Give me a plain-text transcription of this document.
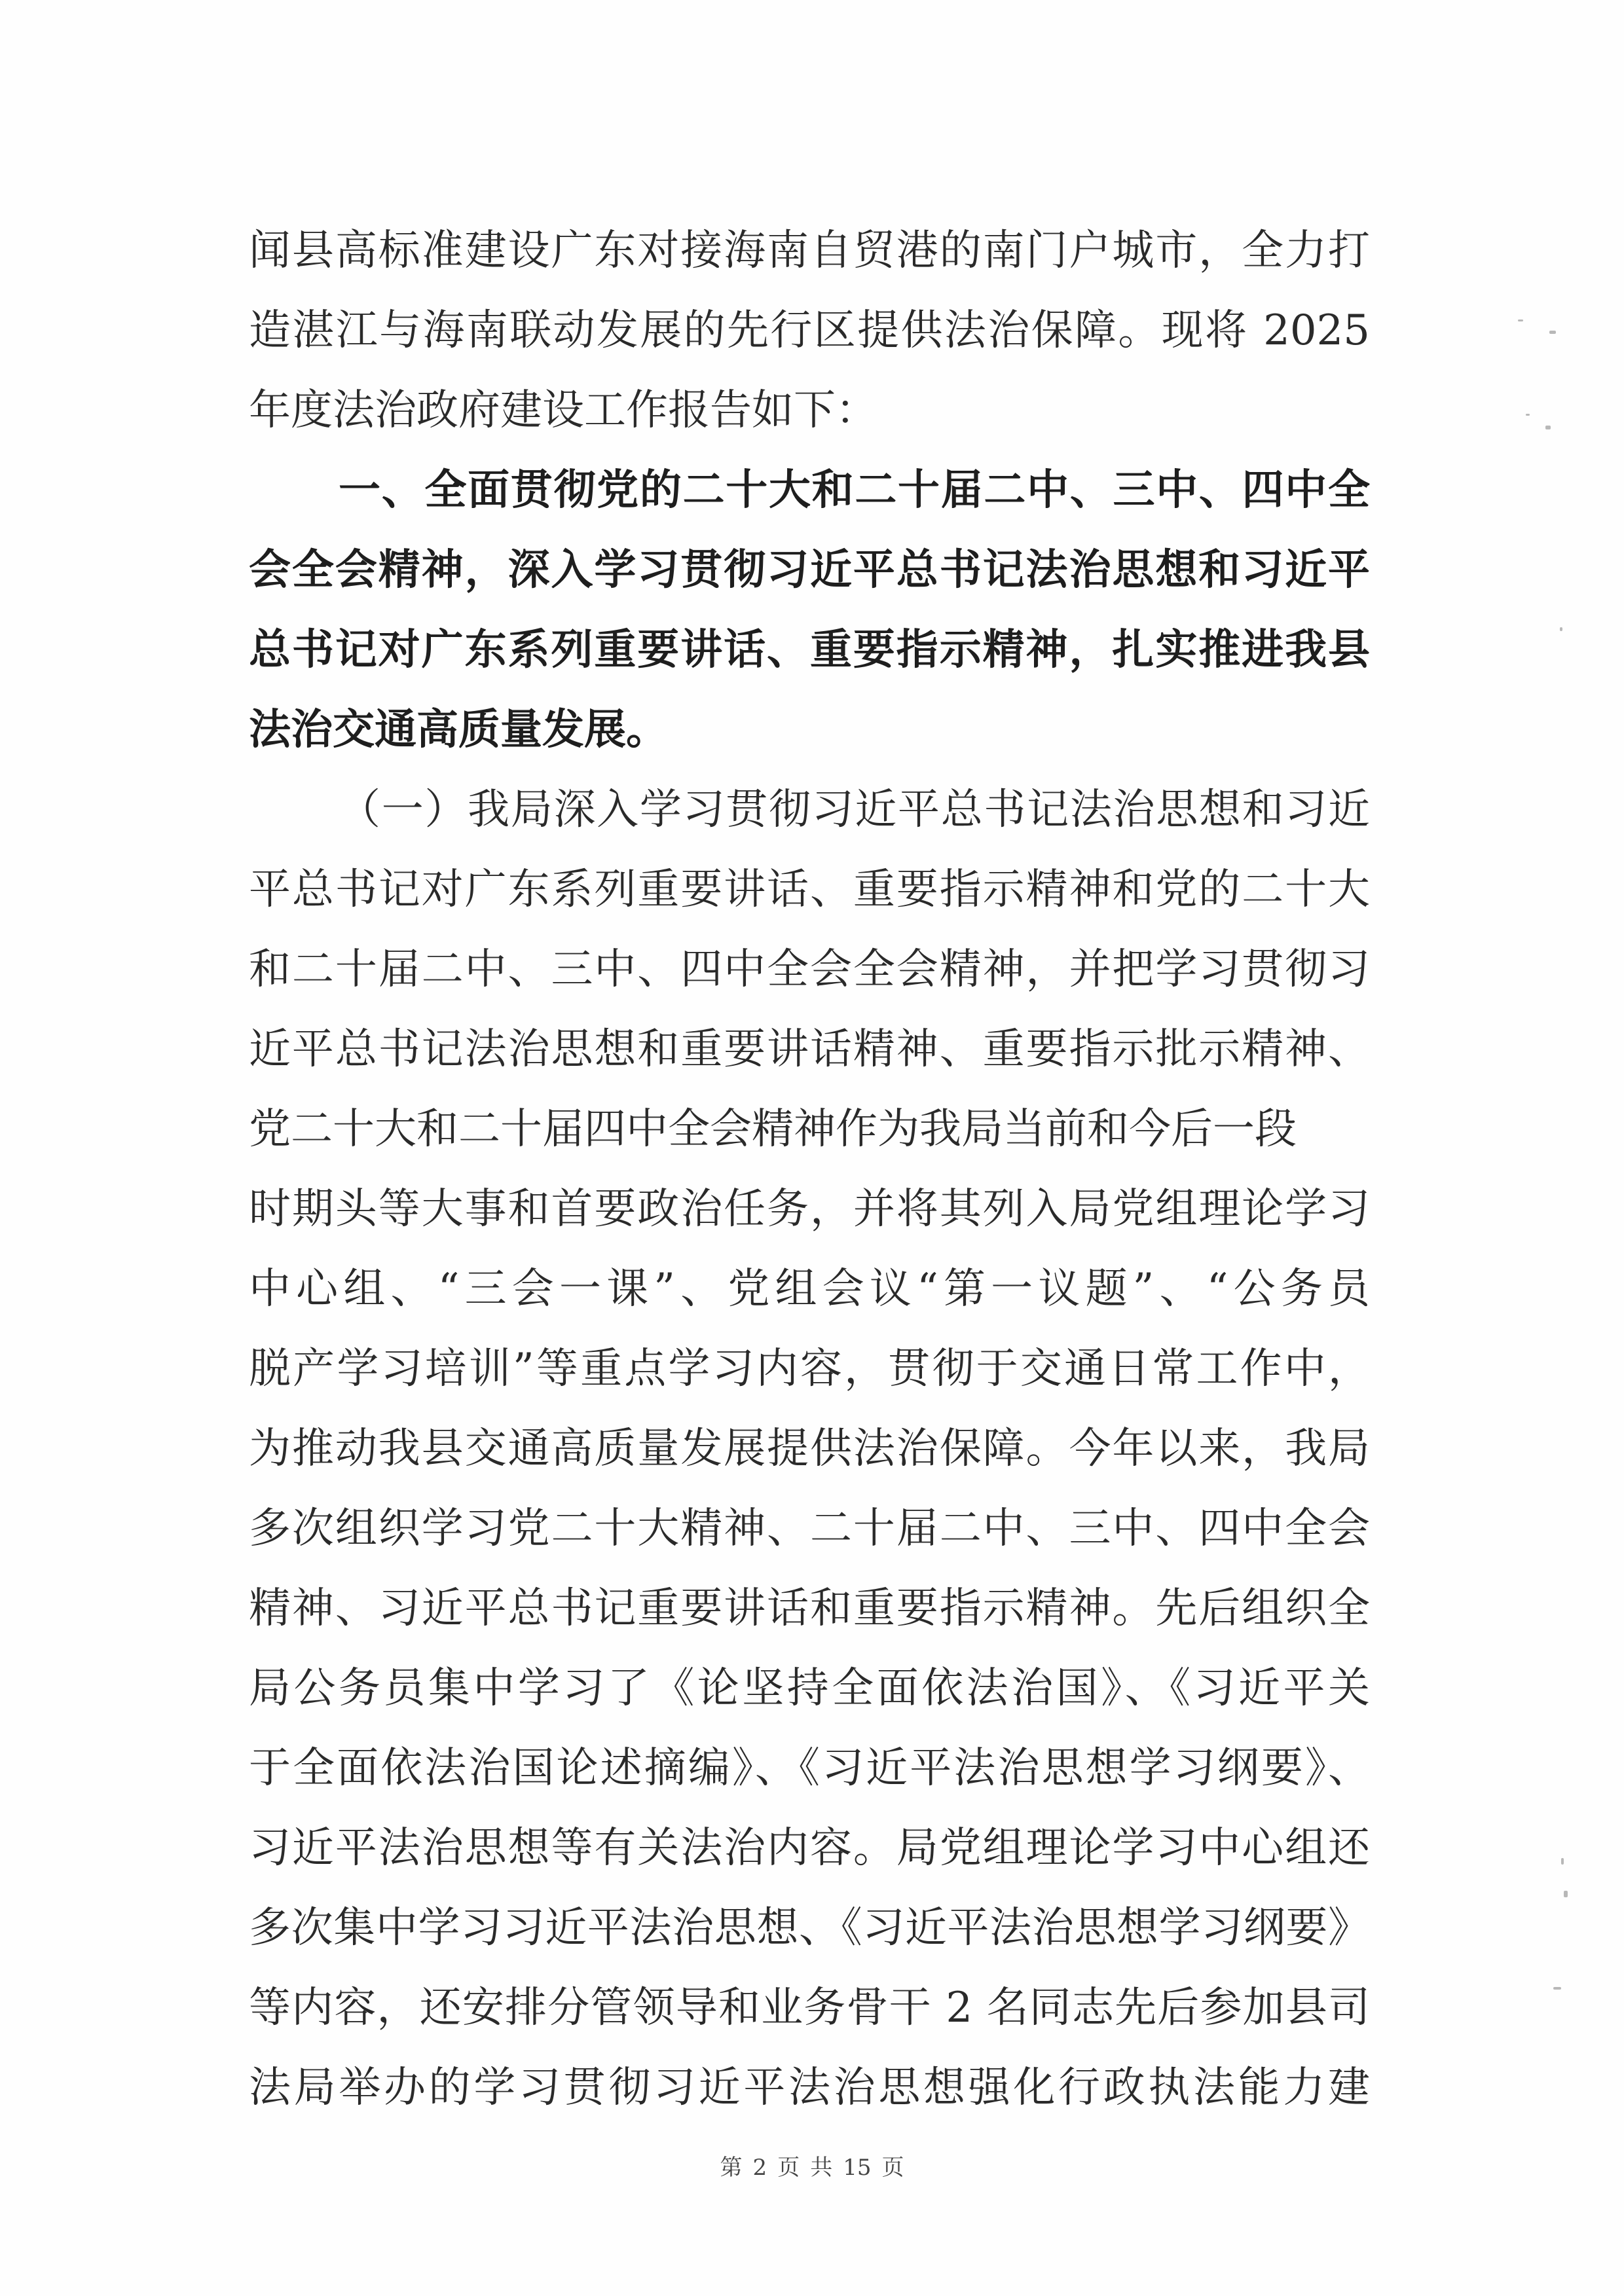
闻县高标准建设广东对接海南自贸港的南门户城市，全力打
造湛江与海南联动发展的先行区提供法治保障。现将 2025
年度法治政府建设工作报告如下：
一、全面贯彻党的二十大和二十届二中、三中、四中全
会全会精神，深入学习贯彻习近平总书记法治思想和习近平
总书记对广东系列重要讲话、重要指示精神，扎实推进我县
法治交通高质量发展。
（一）我局深入学习贯彻习近平总书记法治思想和习近
平总书记对广东系列重要讲话、重要指示精神和党的二十大
和二十届二中、三中、四中全会全会精神，并把学习贯彻习
近平总书记法治思想和重要讲话精神、重要指示批示精神、
党二十大和二十届四中全会精神作为我局当前和今后一段
时期头等大事和首要政治任务，并将其列入局党组理论学习
中心组、“三会一课”、党组会议“第一议题”、“公务员
脱产学习培训”等重点学习内容，贯彻于交通日常工作中，
为推动我县交通高质量发展提供法治保障。今年以来，我局
多次组织学习党二十大精神、二十届二中、三中、四中全会
精神、习近平总书记重要讲话和重要指示精神。先后组织全
局公务员集中学习了《论坚持全面依法治国》、《习近平关
于全面依法治国论述摘编》、《习近平法治思想学习纲要》、
习近平法治思想等有关法治内容。局党组理论学习中心组还
多次集中学习习近平法治思想、《习近平法治思想学习纲要》
等内容，还安排分管领导和业务骨干 2 名同志先后参加县司
法局举办的学习贯彻习近平法治思想强化行政执法能力建
第 2 页 共 15 页
